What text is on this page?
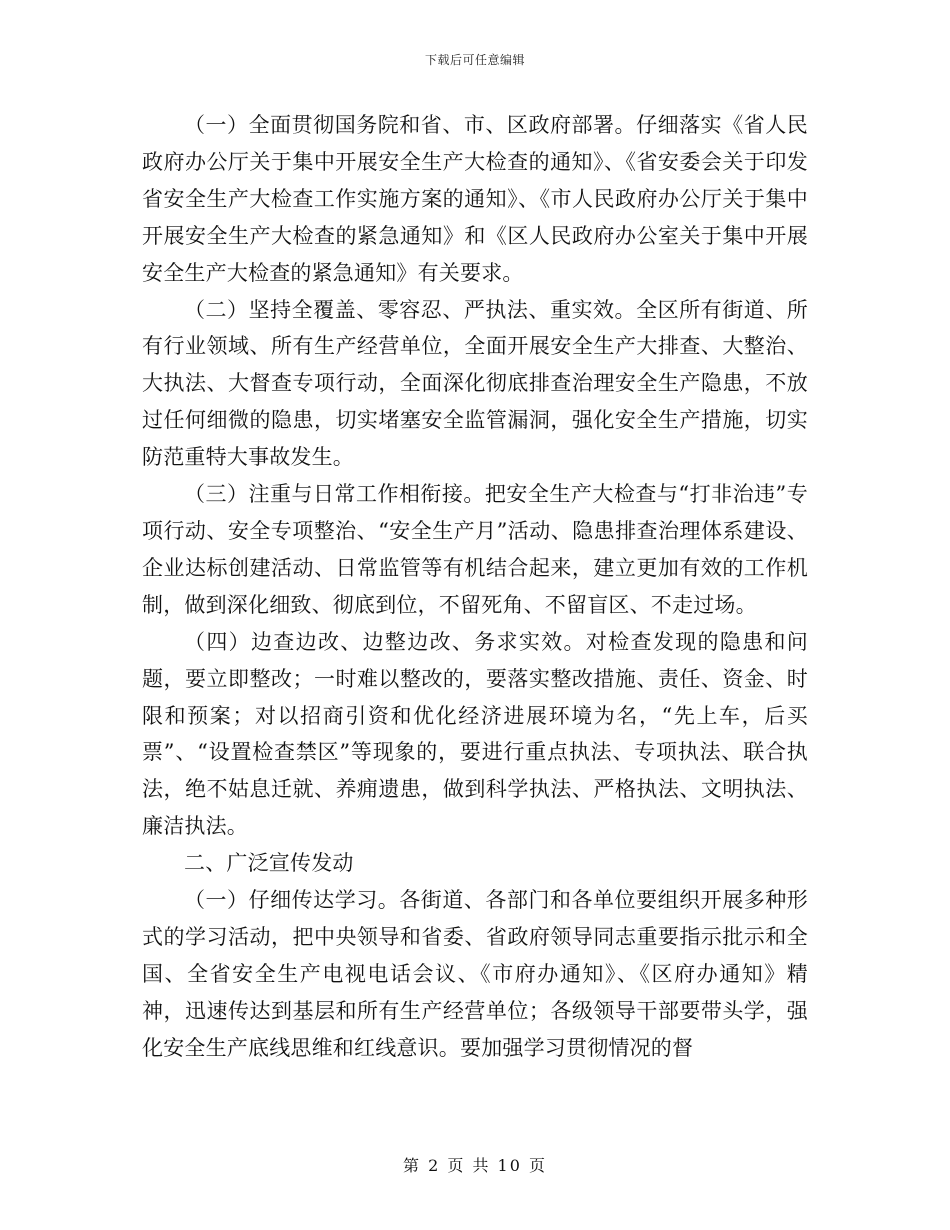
下载后可任意编辑

（一）全面贯彻国务院和省、市、区政府部署。仔细落实《省人民政府办公厅关于集中开展安全生产大检查的通知》、《省安委会关于印发省安全生产大检查工作实施方案的通知》、《市人民政府办公厅关于集中开展安全生产大检查的紧急通知》和《区人民政府办公室关于集中开展安全生产大检查的紧急通知》有关要求。

（二）坚持全覆盖、零容忍、严执法、重实效。全区所有街道、所有行业领域、所有生产经营单位，全面开展安全生产大排查、大整治、大执法、大督查专项行动，全面深化彻底排查治理安全生产隐患，不放过任何细微的隐患，切实堵塞安全监管漏洞，强化安全生产措施，切实防范重特大事故发生。

（三）注重与日常工作相衔接。把安全生产大检查与“打非治违”专项行动、安全专项整治、“安全生产月”活动、隐患排查治理体系建设、企业达标创建活动、日常监管等有机结合起来，建立更加有效的工作机制，做到深化细致、彻底到位，不留死角、不留盲区、不走过场。

（四）边查边改、边整边改、务求实效。对检查发现的隐患和问题，要立即整改；一时难以整改的，要落实整改措施、责任、资金、时限和预案；对以招商引资和优化经济进展环境为名，“先上车，后买票”、“设置检查禁区”等现象的，要进行重点执法、专项执法、联合执法，绝不姑息迁就、养痈遗患，做到科学执法、严格执法、文明执法、廉洁执法。

二、广泛宣传发动

（一）仔细传达学习。各街道、各部门和各单位要组织开展多种形式的学习活动，把中央领导和省委、省政府领导同志重要指示批示和全国、全省安全生产电视电话会议、《市府办通知》、《区府办通知》精神，迅速传达到基层和所有生产经营单位；各级领导干部要带头学，强化安全生产底线思维和红线意识。要加强学习贯彻情况的督

第 2 页 共 10 页
